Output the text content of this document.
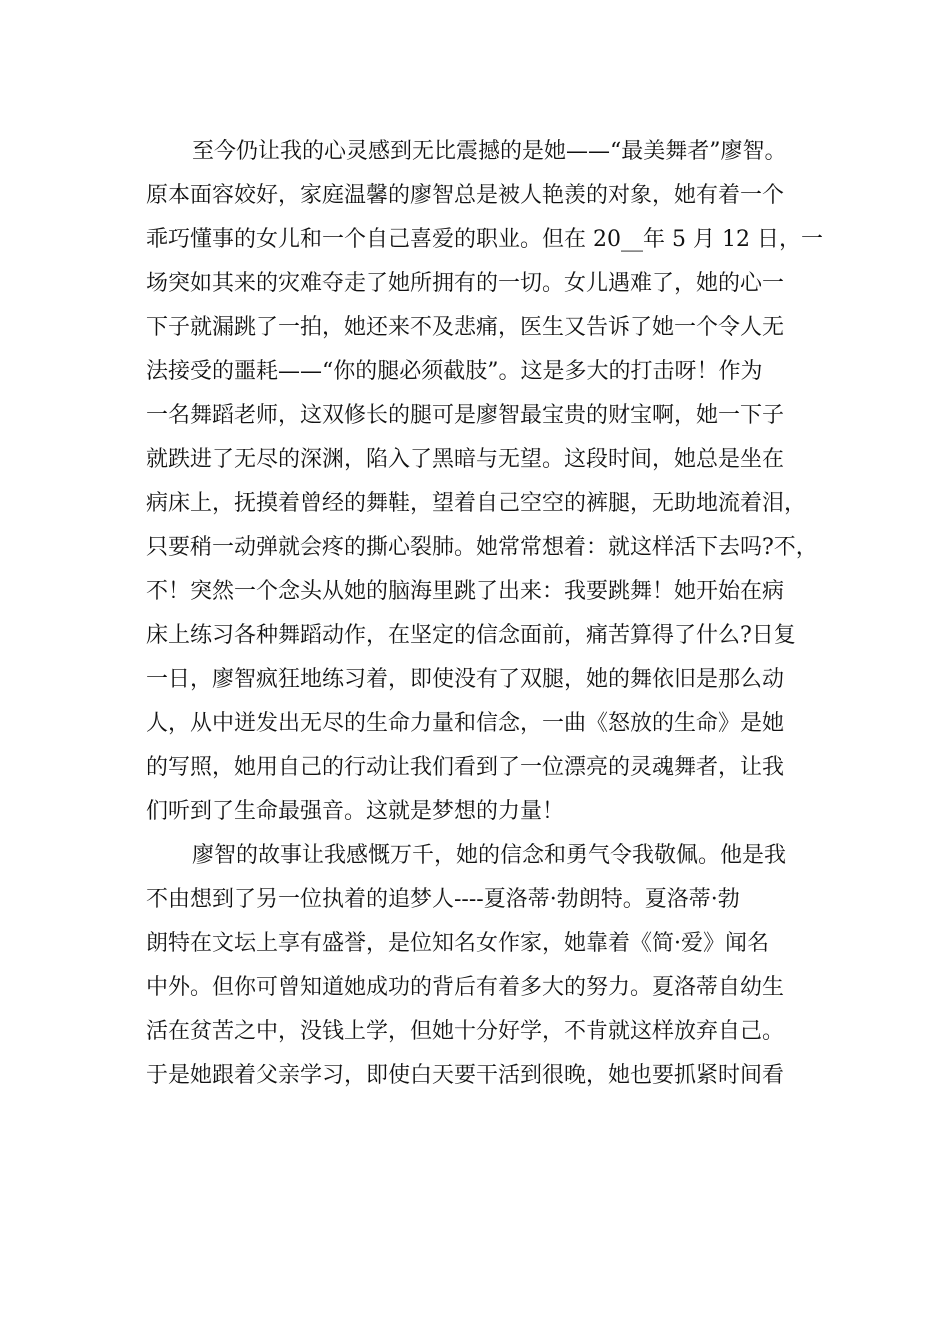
至今仍让我的心灵感到无比震撼的是她——“最美舞者”廖智。
原本面容姣好，家庭温馨的廖智总是被人艳羡的对象，她有着一个
乖巧懂事的女儿和一个自己喜爱的职业。但在 20__年 5 月 12 日，一
场突如其来的灾难夺走了她所拥有的一切。女儿遇难了，她的心一
下子就漏跳了一拍，她还来不及悲痛，医生又告诉了她一个令人无
法接受的噩耗——“你的腿必须截肢”。这是多大的打击呀！作为
一名舞蹈老师，这双修长的腿可是廖智最宝贵的财宝啊，她一下子
就跌进了无尽的深渊，陷入了黑暗与无望。这段时间，她总是坐在
病床上，抚摸着曾经的舞鞋，望着自己空空的裤腿，无助地流着泪，
只要稍一动弹就会疼的撕心裂肺。她常常想着：就这样活下去吗?不，
不！突然一个念头从她的脑海里跳了出来：我要跳舞！她开始在病
床上练习各种舞蹈动作，在坚定的信念面前，痛苦算得了什么?日复
一日，廖智疯狂地练习着，即使没有了双腿，她的舞依旧是那么动
人，从中迸发出无尽的生命力量和信念，一曲《怒放的生命》是她
的写照，她用自己的行动让我们看到了一位漂亮的灵魂舞者，让我
们听到了生命最强音。这就是梦想的力量！
廖智的故事让我感慨万千，她的信念和勇气令我敬佩。他是我
不由想到了另一位执着的追梦人----夏洛蒂·勃朗特。夏洛蒂·勃
朗特在文坛上享有盛誉，是位知名女作家，她靠着《简·爱》闻名
中外。但你可曾知道她成功的背后有着多大的努力。夏洛蒂自幼生
活在贫苦之中，没钱上学，但她十分好学，不肯就这样放弃自己。
于是她跟着父亲学习，即使白天要干活到很晚，她也要抓紧时间看
